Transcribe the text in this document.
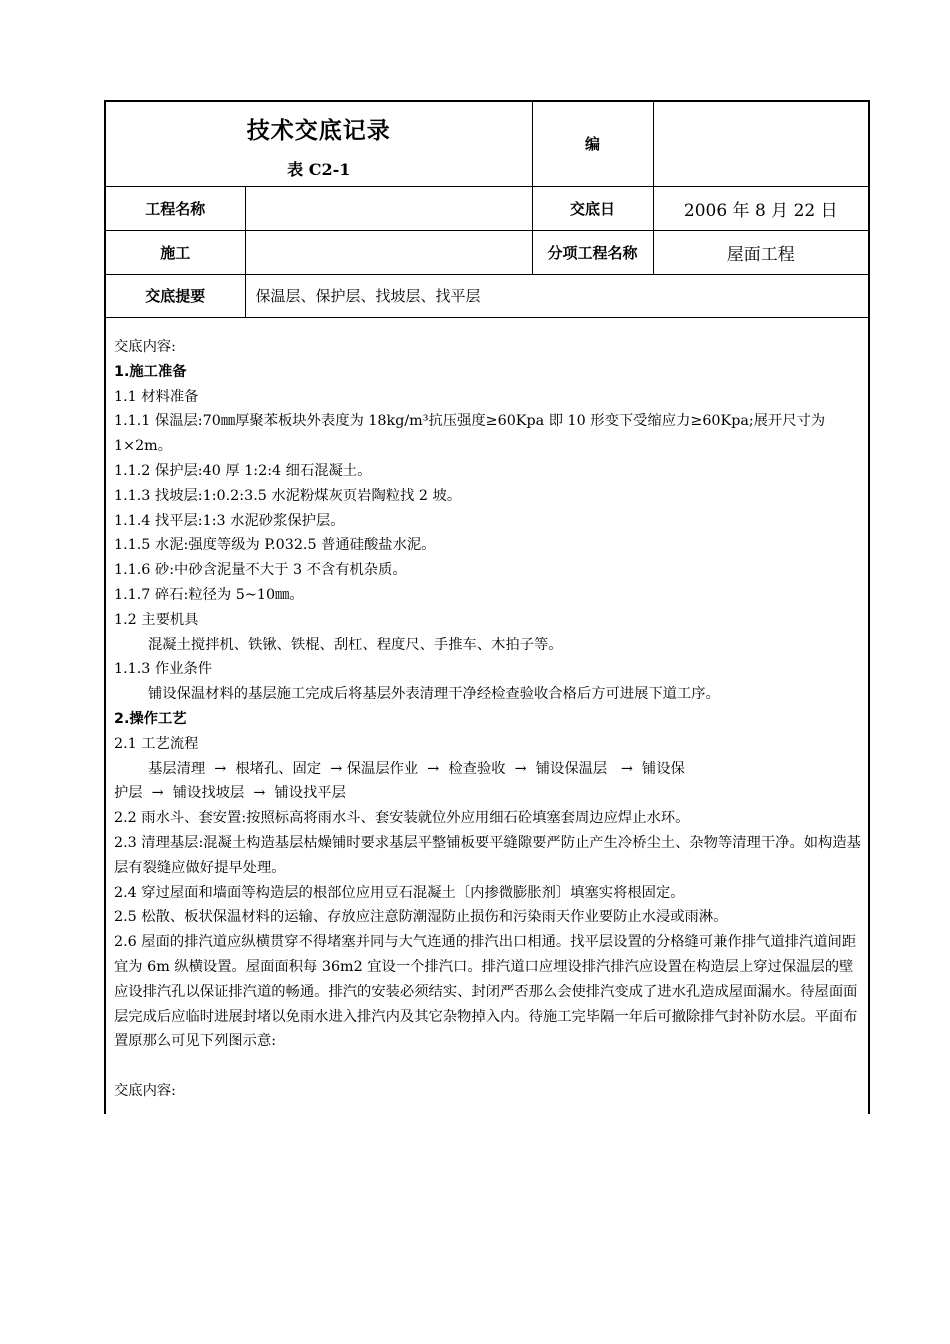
技术交底记录
表 C2-1		编	
工程名称		交底日	2006 年 8 月 22 日
施工		分项工程名称	屋面工程
交底提要	保温层、保护层、找坡层、找平层		

交底内容:

1.施工准备

1.1 材料准备

1.1.1 保温层:70㎜厚聚苯板块外表度为 18kg/m³抗压强度≥60Kpa 即 10 形变下受缩应力≥60Kpa;展开尺寸为 1×2m。

1.1.2 保护层:40 厚 1:2:4 细石混凝土。

1.1.3 找坡层:1:0.2:3.5 水泥粉煤灰页岩陶粒找 2 坡。

1.1.4 找平层:1:3 水泥砂浆保护层。

1.1.5 水泥:强度等级为 P.032.5 普通硅酸盐水泥。

1.1.6 砂:中砂含泥量不大于 3 不含有机杂质。

1.1.7 碎石:粒径为 5~10㎜。

1.2 主要机具

混凝土搅拌机、铁锹、铁棍、刮杠、程度尺、手推车、木拍子等。

1.1.3 作业条件

铺设保温材料的基层施工完成后将基层外表清理干净经检查验收合格后方可进展下道工序。

2.操作工艺

2.1 工艺流程

基层清理  →  根堵孔、固定  → 保温层作业  →  检查验收  →  铺设保温层   →  铺设保

护层  →  铺设找坡层  →  铺设找平层

2.2 雨水斗、套安置:按照标高将雨水斗、套安装就位外应用细石砼填塞套周边应焊止水环。

2.3 清理基层:混凝土构造基层枯燥铺时要求基层平整铺板要平缝隙要严防止产生冷桥尘土、杂物等清理干净。如构造基层有裂缝应做好提早处理。

2.4 穿过屋面和墙面等构造层的根部位应用豆石混凝土〔内掺微膨胀剂〕填塞实将根固定。

2.5 松散、板状保温材料的运输、存放应注意防潮湿防止损伤和污染雨天作业要防止水浸或雨淋。

2.6 屋面的排汽道应纵横贯穿不得堵塞并同与大气连通的排汽出口相通。找平层设置的分格缝可兼作排气道排汽道间距宜为 6m 纵横设置。屋面面积每 36m2 宜设一个排汽口。排汽道口应埋设排汽排汽应设置在构造层上穿过保温层的壁应设排汽孔以保证排汽道的畅通。排汽的安装必须结实、封闭严否那么会使排汽变成了进水孔造成屋面漏水。待屋面面层完成后应临时进展封堵以免雨水进入排汽内及其它杂物掉入内。待施工完毕隔一年后可撤除排气封补防水层。平面布置原那么可见下列图示意:

交底内容:
